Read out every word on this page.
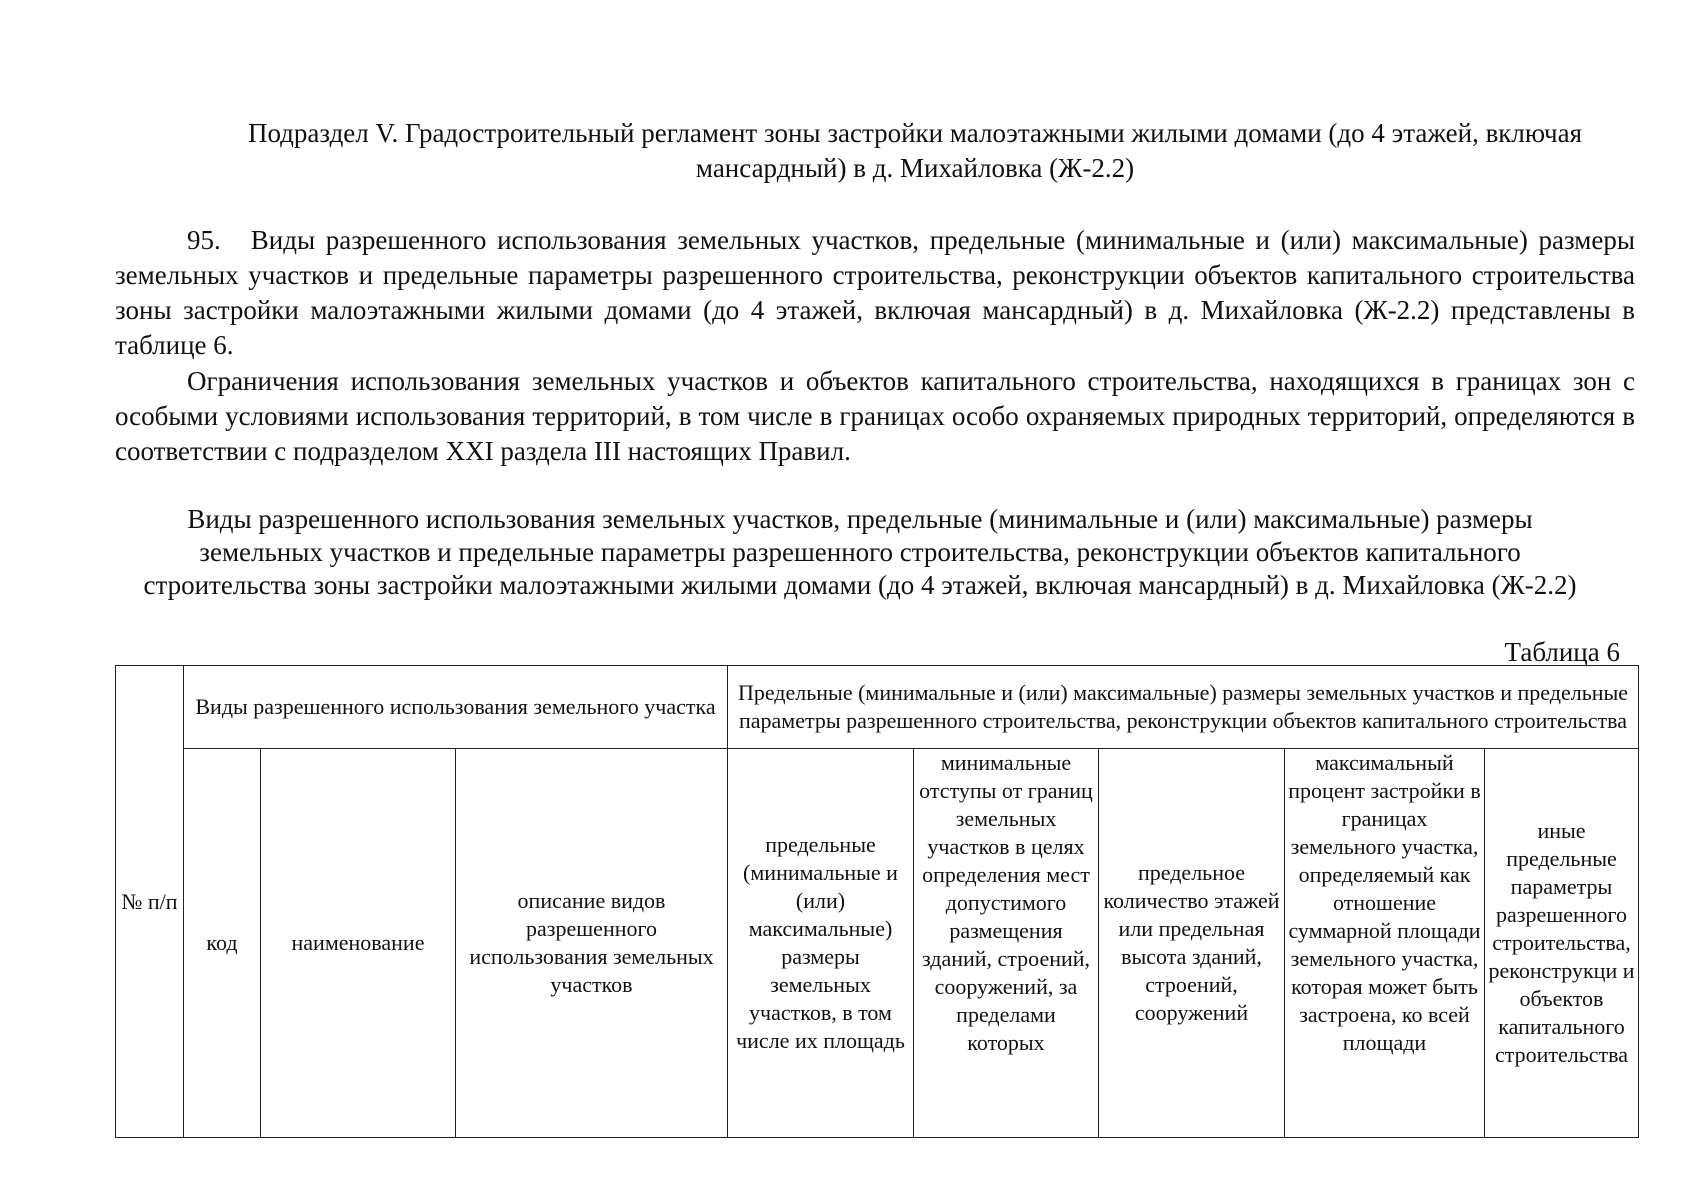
Подраздел V. Градостроительный регламент зоны застройки малоэтажными жилыми домами (до 4 этажей, включая мансардный) в д. Михайловка (Ж-2.2)
95. Виды разрешенного использования земельных участков, предельные (минимальные и (или) максимальные) размеры земельных участков и предельные параметры разрешенного строительства, реконструкции объектов капитального строительства зоны застройки малоэтажными жилыми домами (до 4 этажей, включая мансардный) в д. Михайловка (Ж-2.2) представлены в таблице 6.
Ограничения использования земельных участков и объектов капитального строительства, находящихся в границах зон с особыми условиями использования территорий, в том числе в границах особо охраняемых природных территорий, определяются в соответствии с подразделом XXI раздела III настоящих Правил.
Виды разрешенного использования земельных участков, предельные (минимальные и (или) максимальные) размеры земельных участков и предельные параметры разрешенного строительства, реконструкции объектов капитального строительства зоны застройки малоэтажными жилыми домами (до 4 этажей, включая мансардный) в д. Михайловка (Ж-2.2)
Таблица 6
№ п/п	Виды разрешенного использования земельного участка			Предельные (минимальные и (или) максимальные) размеры земельных участков и предельные параметры разрешенного строительства, реконструкции объектов капитального строительства				
	код	наименование	описание видов разрешенного использования земельных участков	предельные (минимальные и (или) максимальные) размеры земельных участков, в том числе их площадь	минимальные отступы от границ земельных участков в целях определения мест допустимого размещения зданий, строений, сооружений, за пределами которых	предельное количество этажей или предельная высота зданий, строений, сооружений	максимальный процент застройки в границах земельного участка, определяемый как отношение суммарной площади земельного участка, которая может быть застроена, ко всей площади	иные предельные параметры разрешенного строительства, реконструкци и объектов капитального строительства
